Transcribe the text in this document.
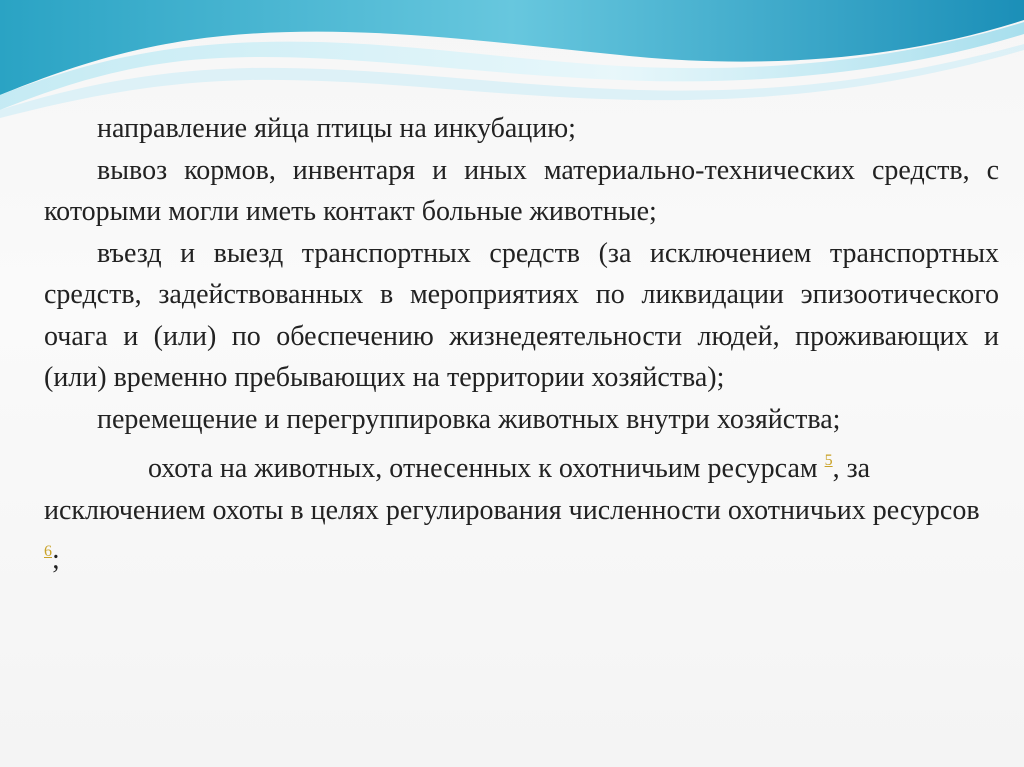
направление яйца птицы на инкубацию;

вывоз кормов, инвентаря и иных материально-технических средств, с которыми могли иметь контакт больные животные;

въезд и выезд транспортных средств (за исключением транспортных средств, задействованных в мероприятиях по ликвидации эпизоотического очага и (или) по обеспечению жизнедеятельности людей, проживающих и (или) временно пребывающих на территории хозяйства);

перемещение и перегруппировка животных внутри хозяйства;

охота на животных, отнесенных к охотничьим ресурсам $^5$, за исключением охоты в целях регулирования численности охотничьих ресурсов $^6$;
